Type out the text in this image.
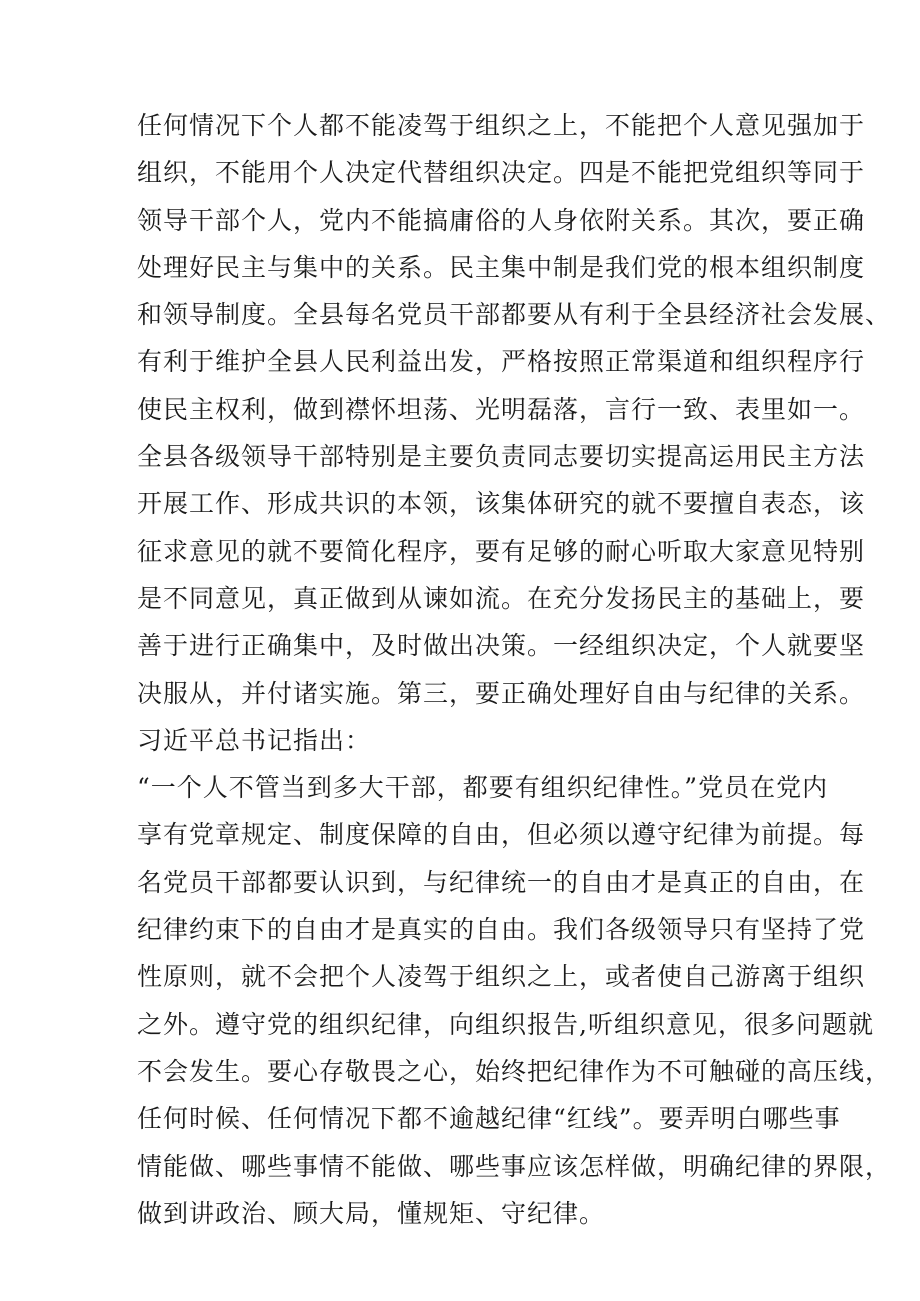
任何情况下个人都不能凌驾于组织之上，不能把个人意见强加于
组织，不能用个人决定代替组织决定。四是不能把党组织等同于
领导干部个人，党内不能搞庸俗的人身依附关系。其次，要正确
处理好民主与集中的关系。民主集中制是我们党的根本组织制度
和领导制度。全县每名党员干部都要从有利于全县经济社会发展、
有利于维护全县人民利益出发，严格按照正常渠道和组织程序行
使民主权利，做到襟怀坦荡、光明磊落，言行一致、表里如一。
全县各级领导干部特别是主要负责同志要切实提高运用民主方法
开展工作、形成共识的本领，该集体研究的就不要擅自表态，该
征求意见的就不要简化程序，要有足够的耐心听取大家意见特别
是不同意见，真正做到从谏如流。在充分发扬民主的基础上，要
善于进行正确集中，及时做出决策。一经组织决定，个人就要坚
决服从，并付诸实施。第三，要正确处理好自由与纪律的关系。
习近平总书记指出：
“一个人不管当到多大干部，都要有组织纪律性。”党员在党内
享有党章规定、制度保障的自由，但必须以遵守纪律为前提。每
名党员干部都要认识到，与纪律统一的自由才是真正的自由，在
纪律约束下的自由才是真实的自由。我们各级领导只有坚持了党
性原则，就不会把个人凌驾于组织之上，或者使自己游离于组织
之外。遵守党的组织纪律，向组织报告,听组织意见，很多问题就
不会发生。要心存敬畏之心，始终把纪律作为不可触碰的高压线，
任何时候、任何情况下都不逾越纪律“红线”。要弄明白哪些事
情能做、哪些事情不能做、哪些事应该怎样做，明确纪律的界限，
做到讲政治、顾大局，懂规矩、守纪律。
